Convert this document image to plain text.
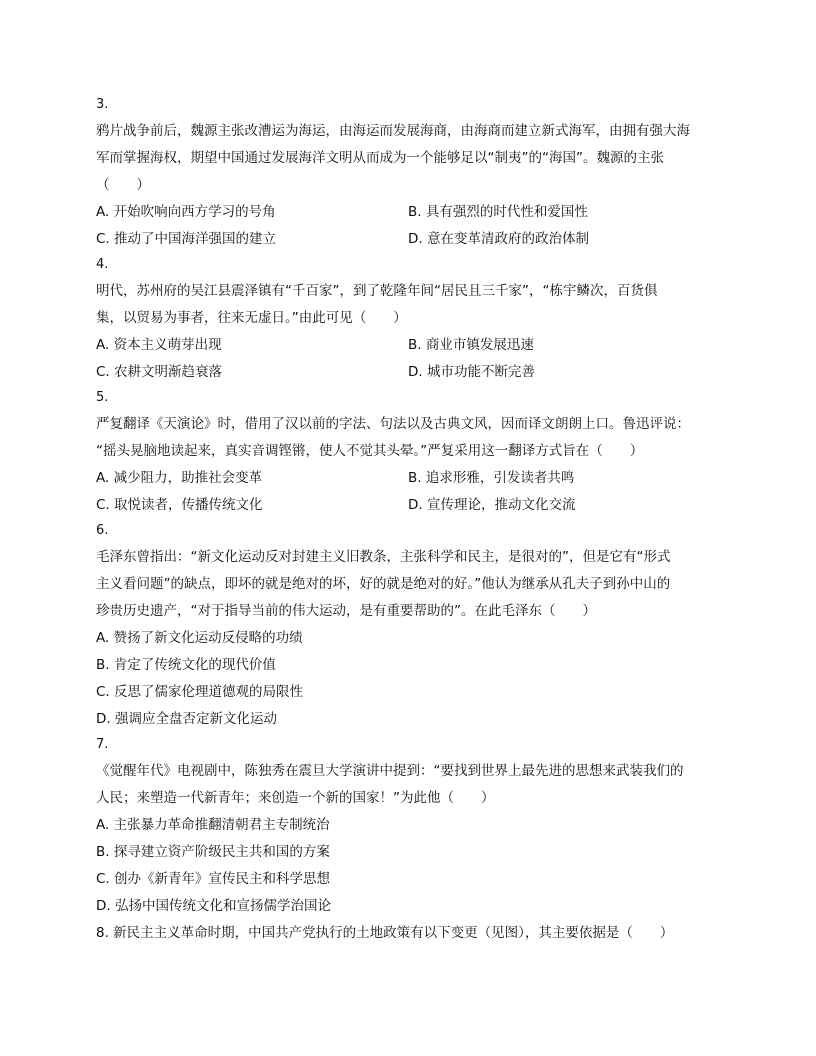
3.
鸦片战争前后，魏源主张改漕运为海运，由海运而发展海商，由海商而建立新式海军，由拥有强大海
军而掌握海权，期望中国通过发展海洋文明从而成为一个能够足以“制夷”的“海国”。魏源的主张
（　　）
A. 开始吹响向西方学习的号角	B. 具有强烈的时代性和爱国性
C. 推动了中国海洋强国的建立	D. 意在变革清政府的政治体制
4.
明代，苏州府的吴江县震泽镇有“千百家”，到了乾隆年间“居民且三千家”，“栋宇鳞次，百货俱
集，以贸易为事者，往来无虚日。”由此可见（　　）
A. 资本主义萌芽出现	B. 商业市镇发展迅速
C. 农耕文明渐趋衰落	D. 城市功能不断完善
5.
严复翻译《天演论》时，借用了汉以前的字法、句法以及古典文风，因而译文朗朗上口。鲁迅评说：
“摇头晃脑地读起来，真实音调铿锵，使人不觉其头晕。”严复采用这一翻译方式旨在（　　）
A. 减少阻力，助推社会变革	B. 追求形雅，引发读者共鸣
C. 取悦读者，传播传统文化	D. 宣传理论，推动文化交流
6.
毛泽东曾指出：“新文化运动反对封建主义旧教条，主张科学和民主，是很对的”，但是它有“形式
主义看问题”的缺点，即坏的就是绝对的坏，好的就是绝对的好。”他认为继承从孔夫子到孙中山的
珍贵历史遗产，“对于指导当前的伟大运动，是有重要帮助的”。在此毛泽东（　　）
A. 赞扬了新文化运动反侵略的功绩
B. 肯定了传统文化的现代价值
C. 反思了儒家伦理道德观的局限性
D. 强调应全盘否定新文化运动
7.
《觉醒年代》电视剧中，陈独秀在震旦大学演讲中提到：“要找到世界上最先进的思想来武装我们的
人民；来塑造一代新青年；来创造一个新的国家！”为此他（　　）
A. 主张暴力革命推翻清朝君主专制统治
B. 探寻建立资产阶级民主共和国的方案
C. 创办《新青年》宣传民主和科学思想
D. 弘扬中国传统文化和宣扬儒学治国论
8. 新民主主义革命时期，中国共产党执行的土地政策有以下变更（见图），其主要依据是（　　）
